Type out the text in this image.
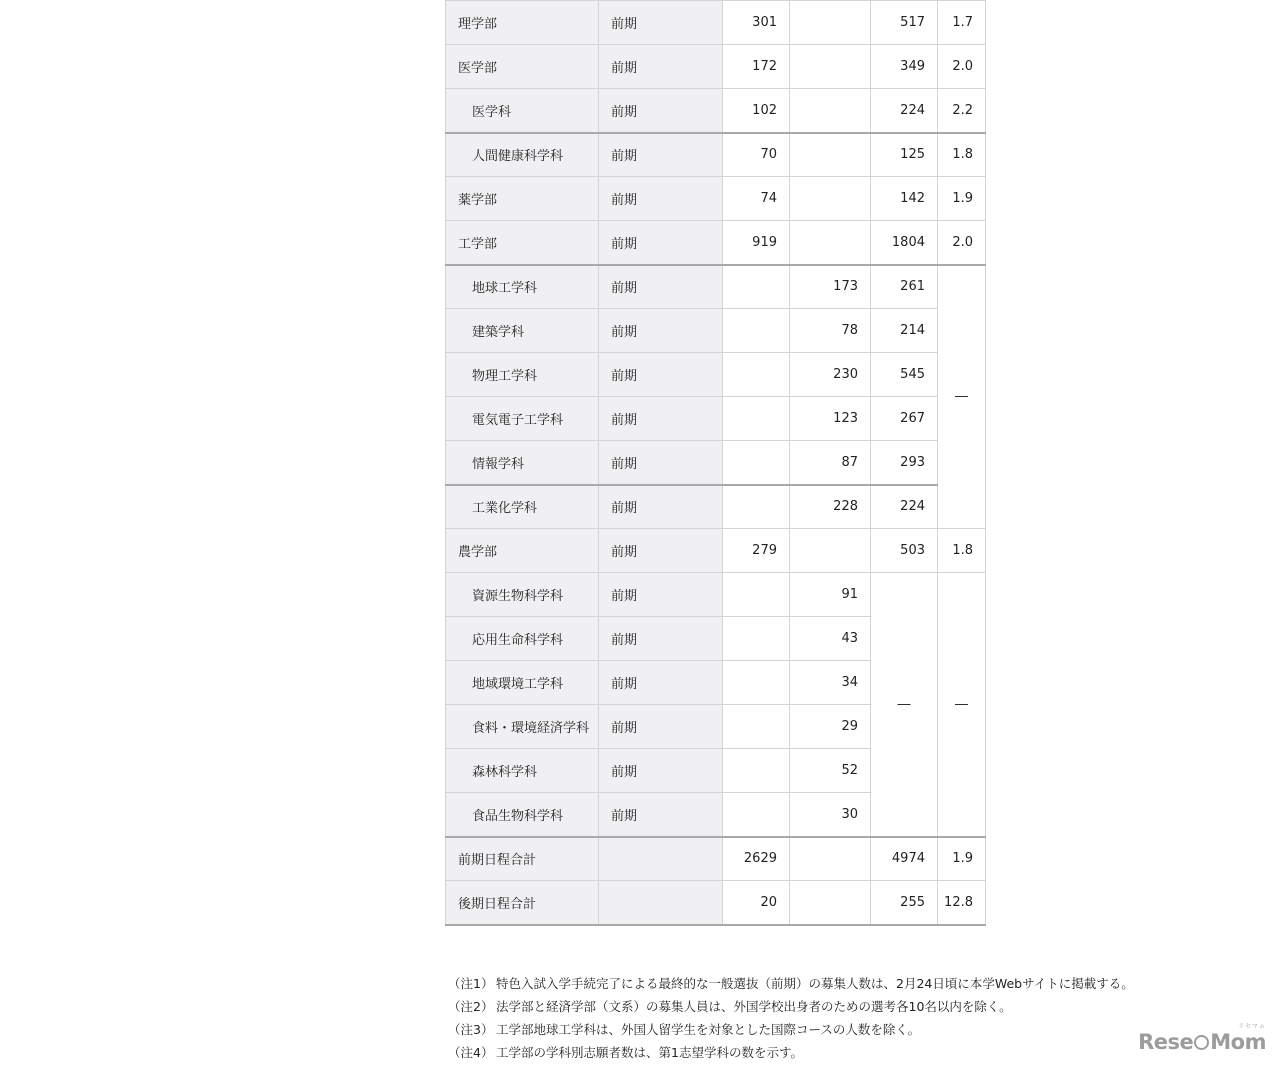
理学部	前期	301		517	1.7
医学部	前期	172		349	2.0
医学科	前期	102		224	2.2
人間健康科学科	前期	70		125	1.8
薬学部	前期	74		142	1.9
工学部	前期	919		1804	2.0
地球工学科	前期		173	261	―
建築学科	前期		78	214	
物理工学科	前期		230	545	
電気電子工学科	前期		123	267	
情報学科	前期		87	293	
工業化学科	前期		228	224	
農学部	前期	279		503	1.8
資源生物科学科	前期		91	―	―
応用生命科学科	前期		43		
地域環境工学科	前期		34		
食料・環境経済学科	前期		29		
森林科学科	前期		52		
食品生物科学科	前期		30		
前期日程合計		2629		4974	1.9
後期日程合計		20		255	12.8
（注1） 特色入試入学手続完了による最終的な一般選抜（前期）の募集人数は、2月24日頃に本学Webサイトに掲載する。
（注2） 法学部と経済学部（文系）の募集人員は、外国学校出身者のための選考各10名以内を除く。
（注3） 工学部地球工学科は、外国人留学生を対象とした国際コースの人数を除く。
（注4） 工学部の学科別志願者数は、第1志望学科の数を示す。
リセマム
Rese Mom
